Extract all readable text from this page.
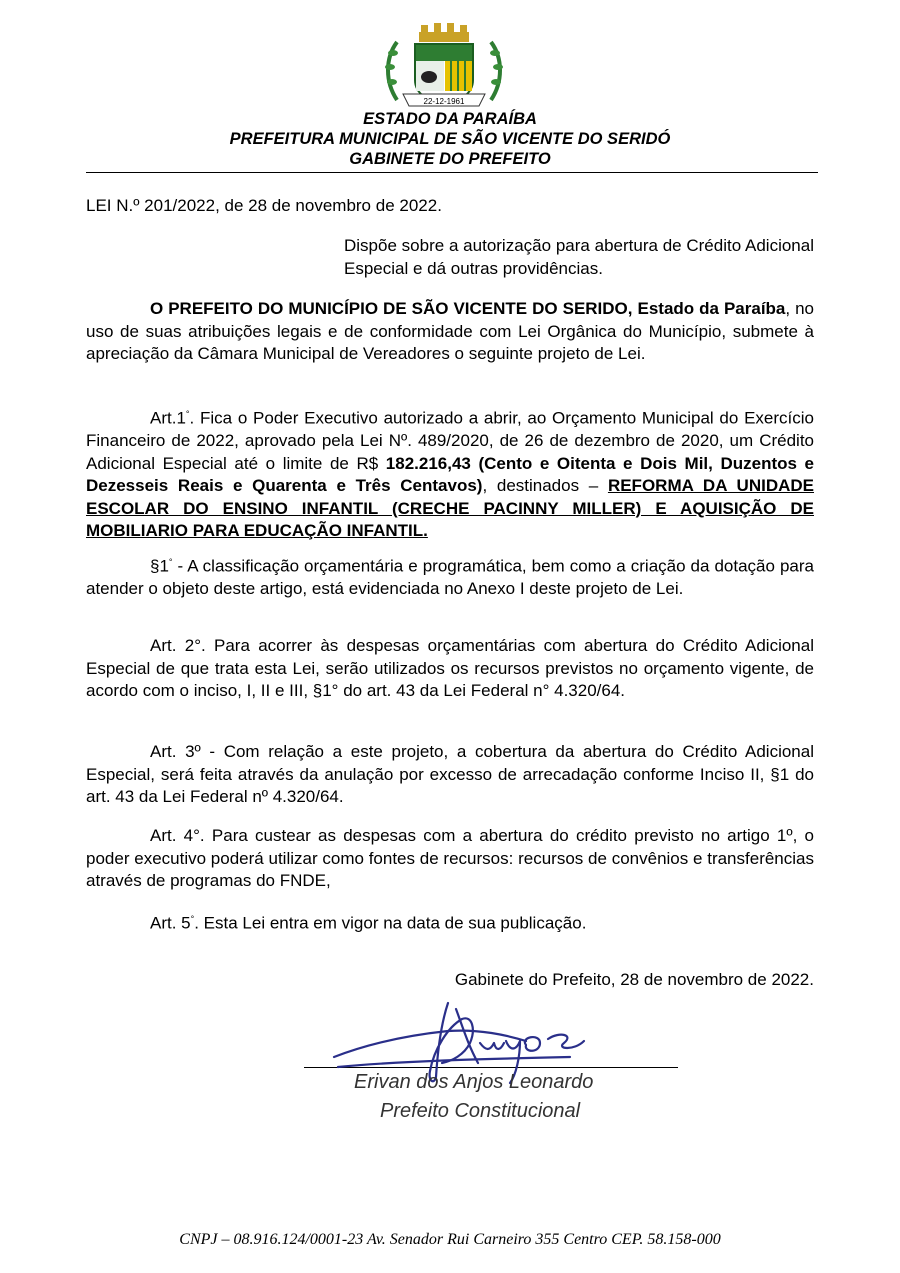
22-12-1961
ESTADO DA PARAÍBA
PREFEITURA MUNICIPAL DE SÃO VICENTE DO SERIDÓ
GABINETE DO PREFEITO

LEI N.º 201/2022, de 28 de novembro de 2022.

Dispõe sobre a autorização para abertura de Crédito Adicional Especial e dá outras providências.

O PREFEITO DO MUNICÍPIO DE SÃO VICENTE DO SERIDO, Estado da Paraíba, no uso de suas atribuições legais e de conformidade com Lei Orgânica do Município, submete à apreciação da Câmara Municipal de Vereadores o seguinte projeto de Lei.

Art.1°. Fica o Poder Executivo autorizado a abrir, ao Orçamento Municipal do Exercício Financeiro de 2022, aprovado pela Lei Nº. 489/2020, de 26 de dezembro de 2020, um Crédito Adicional Especial até o limite de R$ 182.216,43 (Cento e Oitenta e Dois Mil, Duzentos e Dezesseis Reais e Quarenta e Três Centavos), destinados – REFORMA DA UNIDADE ESCOLAR DO ENSINO INFANTIL (CRECHE PACINNY MILLER) E AQUISIÇÃO DE MOBILIARIO PARA EDUCAÇÃO INFANTIL.

§1° - A classificação orçamentária e programática, bem como a criação da dotação para atender o objeto deste artigo, está evidenciada no Anexo I deste projeto de Lei.

Art. 2°. Para acorrer às despesas orçamentárias com abertura do Crédito Adicional Especial de que trata esta Lei, serão utilizados os recursos previstos no orçamento vigente, de acordo com o inciso, I, II e III, §1° do art. 43 da Lei Federal n° 4.320/64.

Art. 3º - Com relação a este projeto, a cobertura da abertura do Crédito Adicional Especial, será feita através da anulação por excesso de arrecadação conforme Inciso II, §1 do art. 43 da Lei Federal nº 4.320/64.

Art. 4°. Para custear as despesas com a abertura do crédito previsto no artigo 1º, o poder executivo poderá utilizar como fontes de recursos: recursos de convênios e transferências através de programas do FNDE,

Art. 5°. Esta Lei entra em vigor na data de sua publicação.

Gabinete do Prefeito, 28 de novembro de 2022.
Erivan dos Anjos Leonardo
Prefeito Constitucional
CNPJ – 08.916.124/0001-23 Av. Senador Rui Carneiro 355 Centro CEP. 58.158-000
